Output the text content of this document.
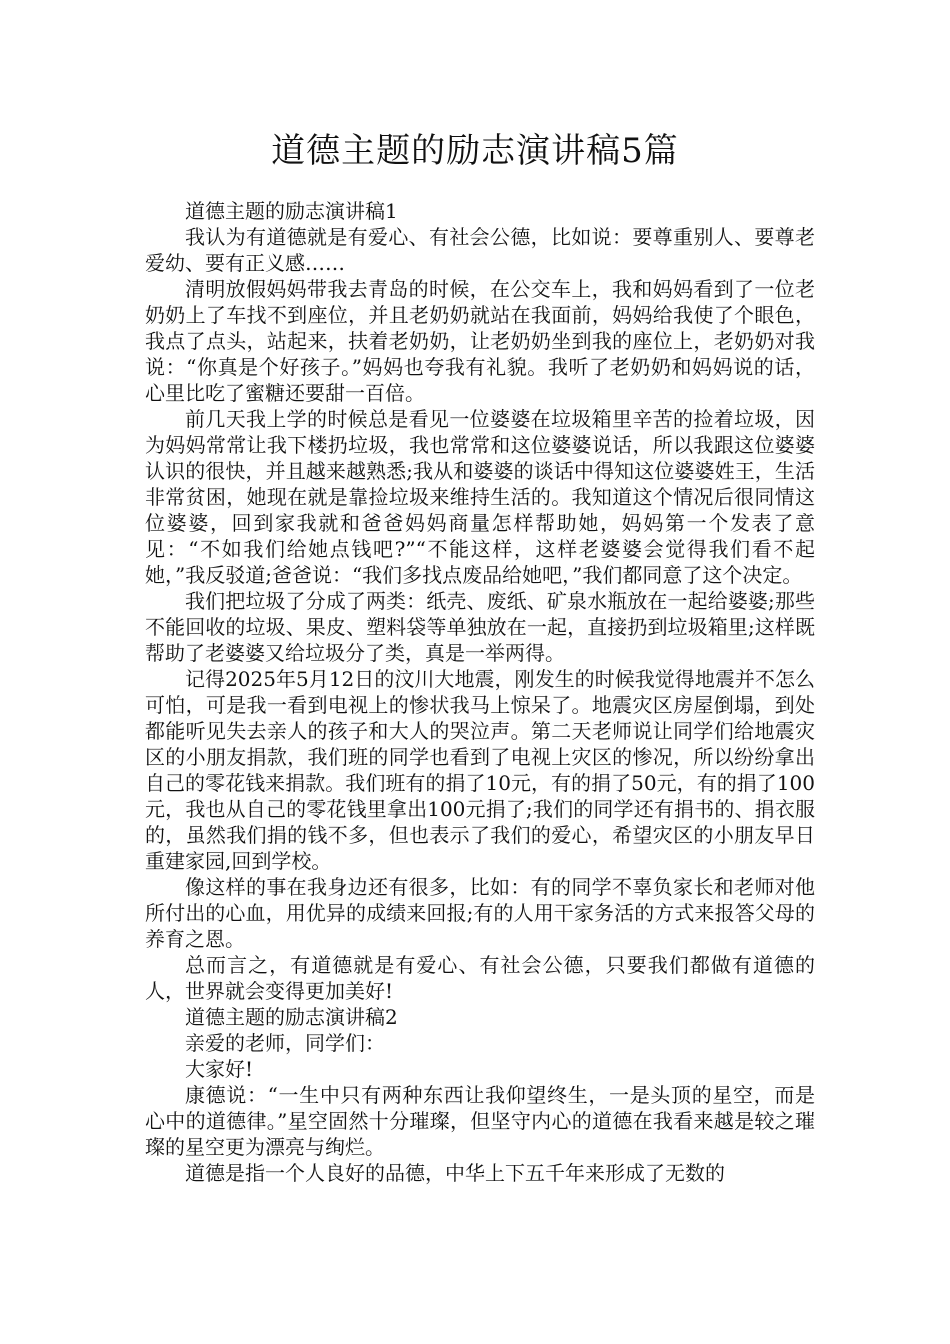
道德主题的励志演讲稿5篇

道德主题的励志演讲稿1

我认为有道德就是有爱心、有社会公德，比如说：要尊重别人、要尊老爱幼、要有正义感……

清明放假妈妈带我去青岛的时候，在公交车上，我和妈妈看到了一位老奶奶上了车找不到座位，并且老奶奶就站在我面前，妈妈给我使了个眼色，我点了点头，站起来，扶着老奶奶，让老奶奶坐到我的座位上，老奶奶对我说：“你真是个好孩子。”妈妈也夸我有礼貌。我听了老奶奶和妈妈说的话，心里比吃了蜜糖还要甜一百倍。

前几天我上学的时候总是看见一位婆婆在垃圾箱里辛苦的捡着垃圾，因为妈妈常常让我下楼扔垃圾，我也常常和这位婆婆说话，所以我跟这位婆婆认识的很快，并且越来越熟悉;我从和婆婆的谈话中得知这位婆婆姓王，生活非常贫困，她现在就是靠捡垃圾来维持生活的。我知道这个情况后很同情这位婆婆，回到家我就和爸爸妈妈商量怎样帮助她，妈妈第一个发表了意见：“不如我们给她点钱吧?”“不能这样，这样老婆婆会觉得我们看不起她，”我反驳道;爸爸说：“我们多找点废品给她吧，”我们都同意了这个决定。

我们把垃圾了分成了两类：纸壳、废纸、矿泉水瓶放在一起给婆婆;那些不能回收的垃圾、果皮、塑料袋等单独放在一起，直接扔到垃圾箱里;这样既帮助了老婆婆又给垃圾分了类，真是一举两得。

记得2025年5月12日的汶川大地震，刚发生的时候我觉得地震并不怎么可怕，可是我一看到电视上的惨状我马上惊呆了。地震灾区房屋倒塌，到处都能听见失去亲人的孩子和大人的哭泣声。第二天老师说让同学们给地震灾区的小朋友捐款，我们班的同学也看到了电视上灾区的惨况，所以纷纷拿出自己的零花钱来捐款。我们班有的捐了10元，有的捐了50元，有的捐了100元，我也从自己的零花钱里拿出100元捐了;我们的同学还有捐书的、捐衣服的，虽然我们捐的钱不多，但也表示了我们的爱心，希望灾区的小朋友早日重建家园,回到学校。

像这样的事在我身边还有很多，比如：有的同学不辜负家长和老师对他所付出的心血，用优异的成绩来回报;有的人用干家务活的方式来报答父母的养育之恩。

总而言之，有道德就是有爱心、有社会公德，只要我们都做有道德的人，世界就会变得更加美好!

道德主题的励志演讲稿2

亲爱的老师，同学们：

大家好!

康德说：“一生中只有两种东西让我仰望终生，一是头顶的星空，而是心中的道德律。”星空固然十分璀璨，但坚守内心的道德在我看来越是较之璀璨的星空更为漂亮与绚烂。

道德是指一个人良好的品德，中华上下五千年来形成了无数的
